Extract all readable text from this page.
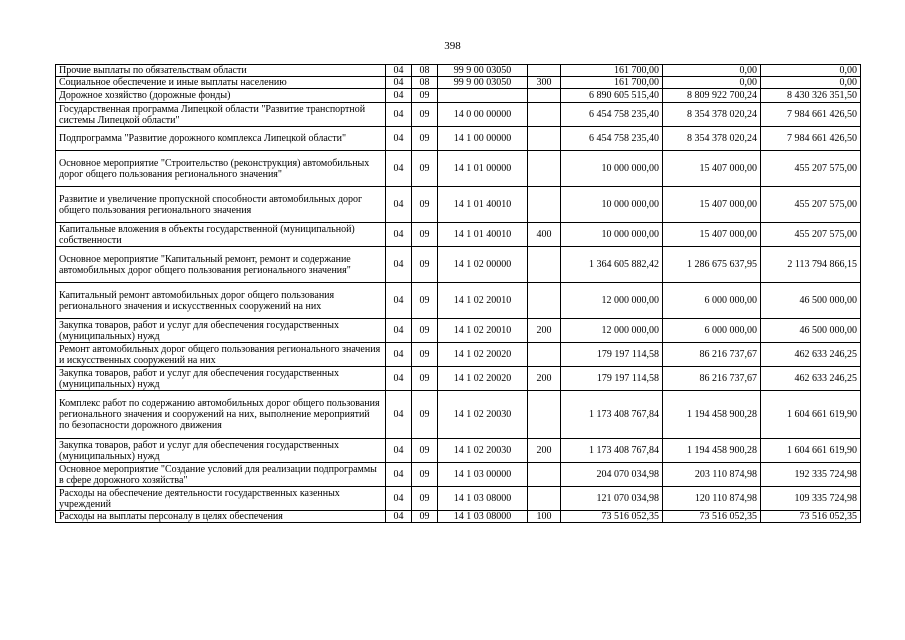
398
Прочие выплаты по обязательствам области	04	08	99 9 00 03050		161 700,00	0,00	0,00
Социальное обеспечение и иные выплаты населению	04	08	99 9 00 03050	300	161 700,00	0,00	0,00
Дорожное хозяйство (дорожные фонды)	04	09			6 890 605 515,40	8 809 922 700,24	8 430 326 351,50
Государственная программа Липецкой области "Развитие транспортной системы Липецкой области"	04	09	14 0 00 00000		6 454 758 235,40	8 354 378 020,24	7 984 661 426,50
Подпрограмма "Развитие дорожного комплекса Липецкой области"	04	09	14 1 00 00000		6 454 758 235,40	8 354 378 020,24	7 984 661 426,50
Основное мероприятие "Строительство (реконструкция) автомобильных дорог общего пользования регионального значения"	04	09	14 1 01 00000		10 000 000,00	15 407 000,00	455 207 575,00
Развитие и увеличение пропускной способности автомобильных дорог общего пользования регионального значения	04	09	14 1 01 40010		10 000 000,00	15 407 000,00	455 207 575,00
Капитальные вложения в объекты государственной (муниципальной) собственности	04	09	14 1 01 40010	400	10 000 000,00	15 407 000,00	455 207 575,00
Основное мероприятие "Капитальный ремонт, ремонт и содержание автомобильных дорог общего пользования регионального значения"	04	09	14 1 02 00000		1 364 605 882,42	1 286 675 637,95	2 113 794 866,15
Капитальный ремонт автомобильных дорог общего пользования регионального значения и искусственных сооружений на них	04	09	14 1 02 20010		12 000 000,00	6 000 000,00	46 500 000,00
Закупка товаров, работ и услуг для обеспечения государственных (муниципальных) нужд	04	09	14 1 02 20010	200	12 000 000,00	6 000 000,00	46 500 000,00
Ремонт автомобильных дорог общего пользования регионального значения и искусственных сооружений на них	04	09	14 1 02 20020		179 197 114,58	86 216 737,67	462 633 246,25
Закупка товаров, работ и услуг для обеспечения государственных (муниципальных) нужд	04	09	14 1 02 20020	200	179 197 114,58	86 216 737,67	462 633 246,25
Комплекс работ по содержанию автомобильных дорог общего пользования регионального значения и сооружений на них, выполнение мероприятий по безопасности дорожного движения	04	09	14 1 02 20030		1 173 408 767,84	1 194 458 900,28	1 604 661 619,90
Закупка товаров, работ и услуг для обеспечения государственных (муниципальных) нужд	04	09	14 1 02 20030	200	1 173 408 767,84	1 194 458 900,28	1 604 661 619,90
Основное мероприятие "Создание условий для реализации подпрограммы в сфере дорожного хозяйства"	04	09	14 1 03 00000		204 070 034,98	203 110 874,98	192 335 724,98
Расходы на обеспечение деятельности государственных казенных учреждений	04	09	14 1 03 08000		121 070 034,98	120 110 874,98	109 335 724,98
Расходы на выплаты персоналу в целях обеспечения	04	09	14 1 03 08000	100	73 516 052,35	73 516 052,35	73 516 052,35
